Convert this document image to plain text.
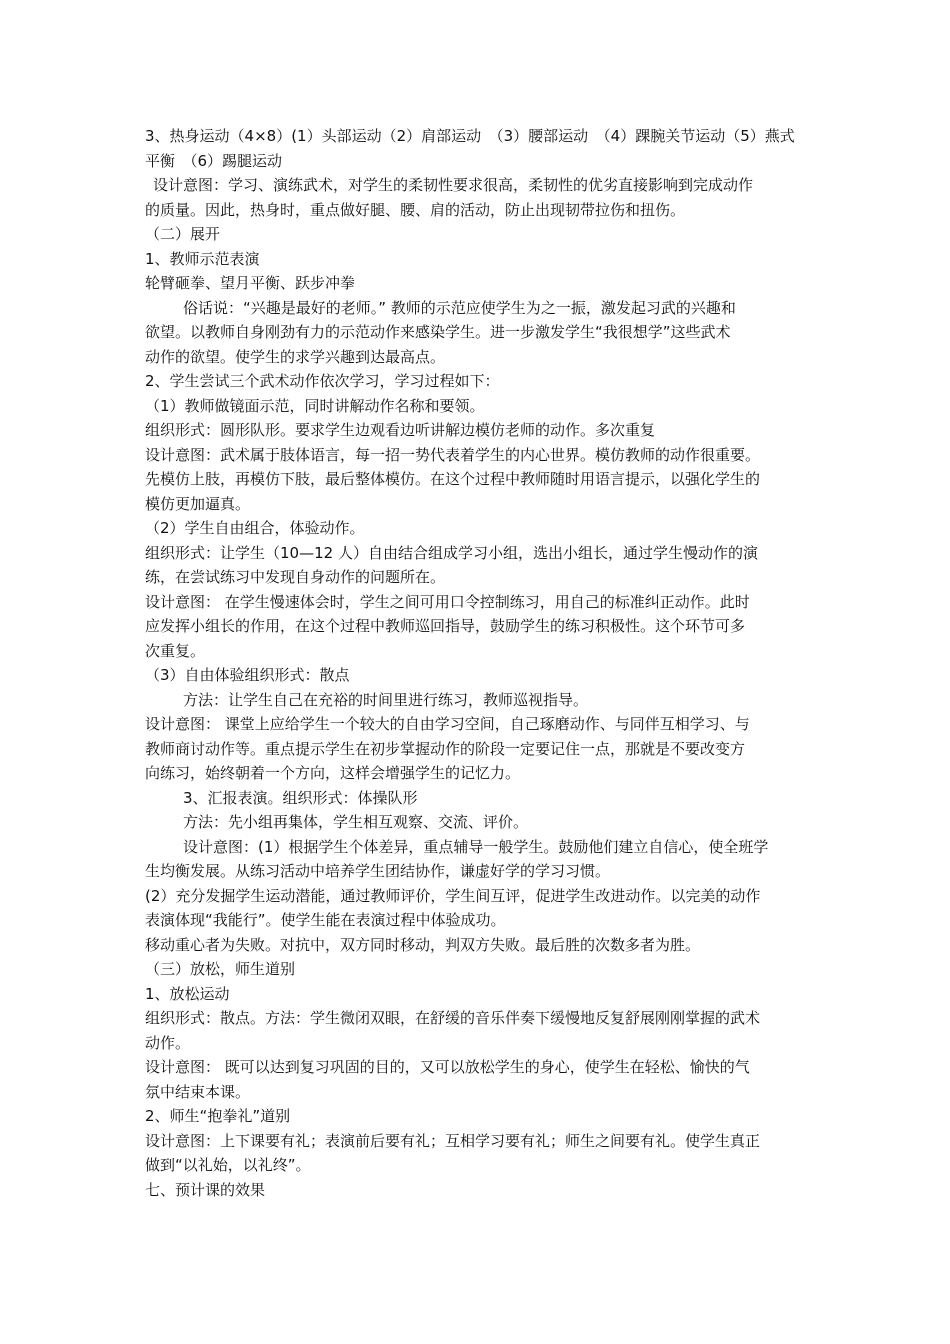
3、热身运动（4×8）(1）头部运动（2）肩部运动　（3）腰部运动　（4）踝腕关节运动（5）燕式
平衡　（6）踢腿运动
设计意图：学习、演练武术，对学生的柔韧性要求很高，柔韧性的优劣直接影响到完成动作
的质量。因此，热身时，重点做好腿、腰、肩的活动，防止出现韧带拉伤和扭伤。
（二）展开
1、教师示范表演
轮臂砸拳、望月平衡、跃步冲拳
俗话说：“兴趣是最好的老师。” 教师的示范应使学生为之一振，激发起习武的兴趣和
欲望。以教师自身刚劲有力的示范动作来感染学生。进一步激发学生“我很想学”这些武术
动作的欲望。使学生的求学兴趣到达最高点。
2、学生尝试三个武术动作依次学习，学习过程如下：
（1）教师做镜面示范，同时讲解动作名称和要领。
组织形式：圆形队形。要求学生边观看边听讲解边模仿老师的动作。多次重复
设计意图：武术属于肢体语言，每一招一势代表着学生的内心世界。模仿教师的动作很重要。
先模仿上肢，再模仿下肢，最后整体模仿。在这个过程中教师随时用语言提示，以强化学生的
模仿更加逼真。
（2）学生自由组合，体验动作。
组织形式：让学生（10—12 人）自由结合组成学习小组，选出小组长，通过学生慢动作的演
练，在尝试练习中发现自身动作的问题所在。
设计意图： 在学生慢速体会时，学生之间可用口令控制练习，用自己的标准纠正动作。此时
应发挥小组长的作用，在这个过程中教师巡回指导，鼓励学生的练习积极性。这个环节可多
次重复。
（3）自由体验组织形式：散点
方法：让学生自己在充裕的时间里进行练习，教师巡视指导。
设计意图： 课堂上应给学生一个较大的自由学习空间，自己琢磨动作、与同伴互相学习、与
教师商讨动作等。重点提示学生在初步掌握动作的阶段一定要记住一点，那就是不要改变方
向练习，始终朝着一个方向，这样会增强学生的记忆力。
3、汇报表演。组织形式：体操队形
方法：先小组再集体，学生相互观察、交流、评价。
设计意图：(1）根据学生个体差异，重点辅导一般学生。鼓励他们建立自信心，使全班学
生均衡发展。从练习活动中培养学生团结协作，谦虚好学的学习习惯。
(2）充分发掘学生运动潜能，通过教师评价，学生间互评，促进学生改进动作。以完美的动作
表演体现“我能行”。使学生能在表演过程中体验成功。
移动重心者为失败。对抗中，双方同时移动，判双方失败。最后胜的次数多者为胜。
（三）放松，师生道别
1、放松运动
组织形式：散点。方法：学生微闭双眼，在舒缓的音乐伴奏下缓慢地反复舒展刚刚掌握的武术
动作。
设计意图： 既可以达到复习巩固的目的，又可以放松学生的身心，使学生在轻松、愉快的气
氛中结束本课。
2、师生“抱拳礼”道别
设计意图：上下课要有礼；表演前后要有礼；互相学习要有礼；师生之间要有礼。使学生真正
做到“以礼始，以礼终”。
七、预计课的效果
